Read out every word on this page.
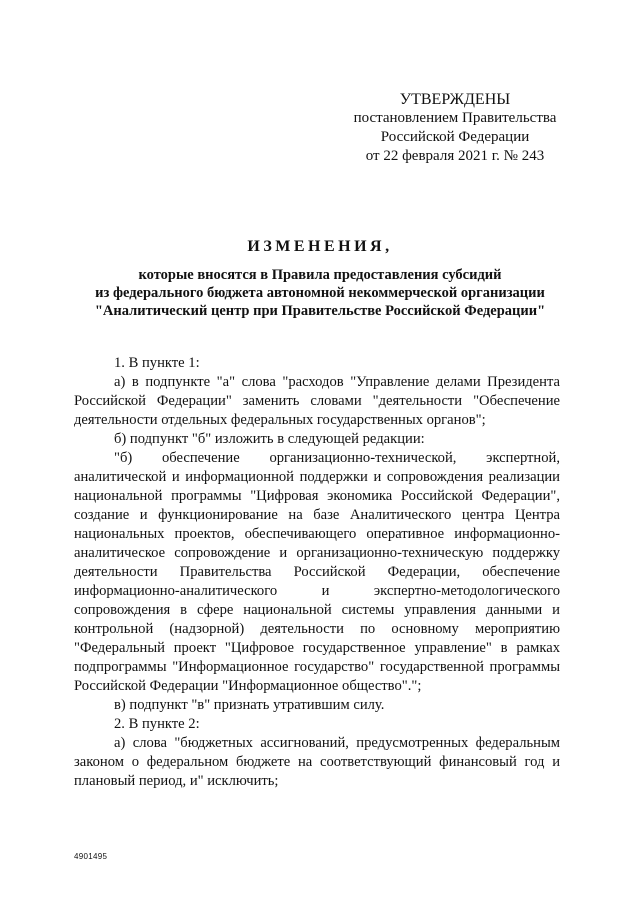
УТВЕРЖДЕНЫ
постановлением Правительства
Российской Федерации
от 22 февраля 2021 г. № 243
ИЗМЕНЕНИЯ,
которые вносятся в Правила предоставления субсидий
из федерального бюджета автономной некоммерческой организации
"Аналитический центр при Правительстве Российской Федерации"

1. В пункте 1:

а) в подпункте "а" слова "расходов "Управление делами Президента Российской Федерации" заменить словами "деятельности "Обеспечение деятельности отдельных федеральных государственных органов";

б) подпункт "б" изложить в следующей редакции:

"б) обеспечение организационно-технической, экспертной, аналитической и информационной поддержки и сопровождения реализации национальной программы "Цифровая экономика Российской Федерации", создание и функционирование на базе Аналитического центра Центра национальных проектов, обеспечивающего оперативное информационно-аналитическое сопровождение и организационно-техническую поддержку деятельности Правительства Российской Федерации, обеспечение информационно-аналитического и экспертно-методологического сопровождения в сфере национальной системы управления данными и контрольной (надзорной) деятельности по основному мероприятию "Федеральный проект "Цифровое государственное управление" в рамках подпрограммы "Информационное государство" государственной программы Российской Федерации "Информационное общество".";

в) подпункт "в" признать утратившим силу.

2. В пункте 2:

а) слова "бюджетных ассигнований, предусмотренных федеральным законом о федеральном бюджете на соответствующий финансовый год и плановый период, и" исключить;

4901495
